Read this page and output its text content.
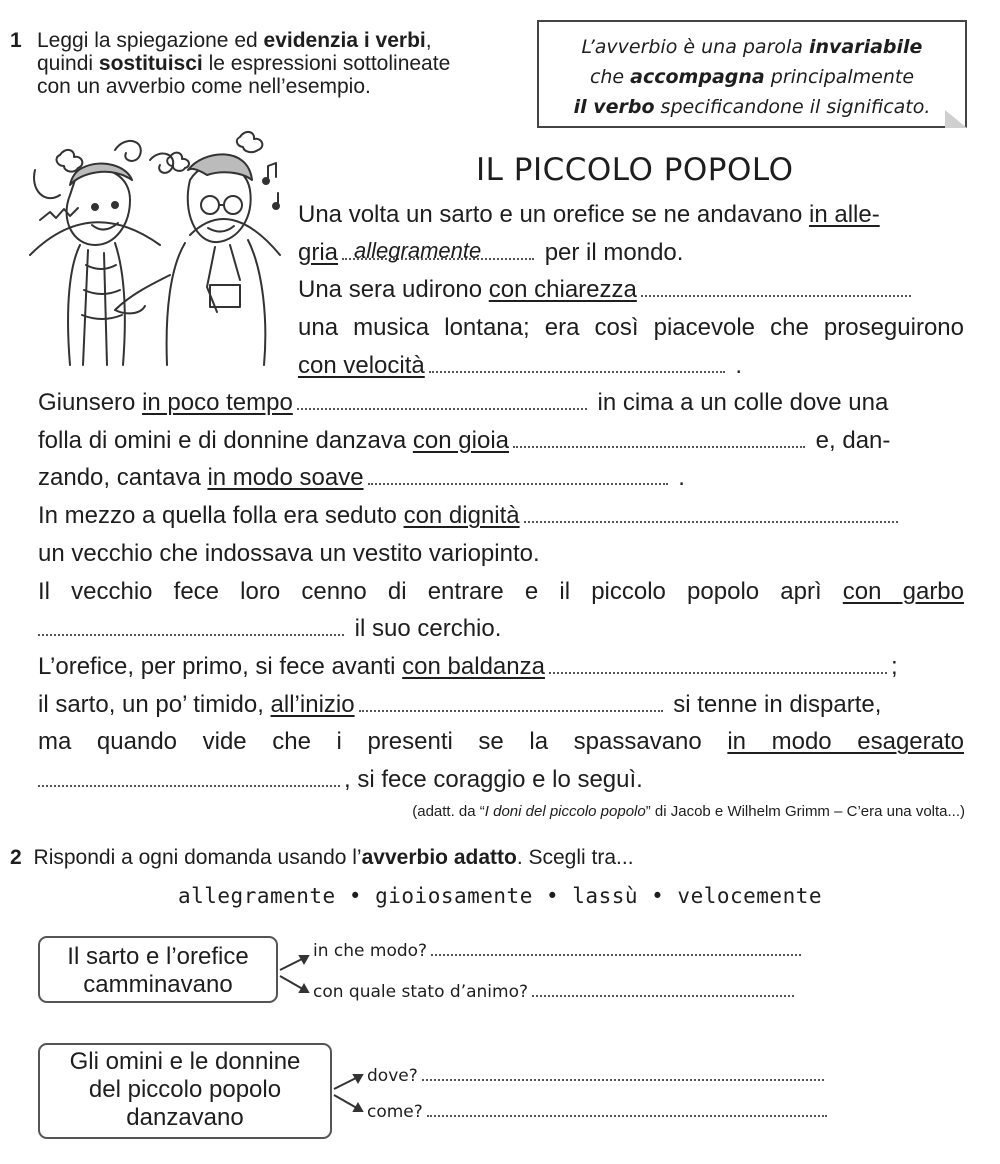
1 Leggi la spiegazione ed evidenzia i verbi,
quindi sostituisci le espressioni sottolineate
con un avverbio come nell’esempio.
L’avverbio è una parola invariabile
che accompagna principalmente
il verbo specificandone il significato.
IL PICCOLO POPOLO
Una volta un sarto e un orefice se ne andavano in alle-
gria allegramente per il mondo.
Una sera udirono con chiarezza
una musica lontana; era così piacevole che proseguirono
con velocità	.
Giunsero in poco tempo	in cima a un colle dove una
folla di omini e di donnine danzava con gioia	e, dan-
zando, cantava in modo soave	.
In mezzo a quella folla era seduto con dignità
un vecchio che indossava un vestito variopinto.
Il vecchio fece loro cenno di entrare e il piccolo popolo aprì con garbo
il suo cerchio.
L’orefice, per primo, si fece avanti con baldanza	;
il sarto, un po’ timido, all’inizio	si tenne in disparte,
ma quando vide che i presenti se la spassavano in modo esagerato
, si fece coraggio e lo seguì.
(adatt. da “I doni del piccolo popolo” di Jacob e Wilhelm Grimm – C’era una volta...)
2 Rispondi a ogni domanda usando l’avverbio adatto. Scegli tra...
allegramente • gioiosamente • lassù • velocemente
Il sarto e l’orefice
camminavano
in che modo?
con quale stato d’animo?
Gli omini e le donnine
del piccolo popolo
danzavano
dove?
come?
